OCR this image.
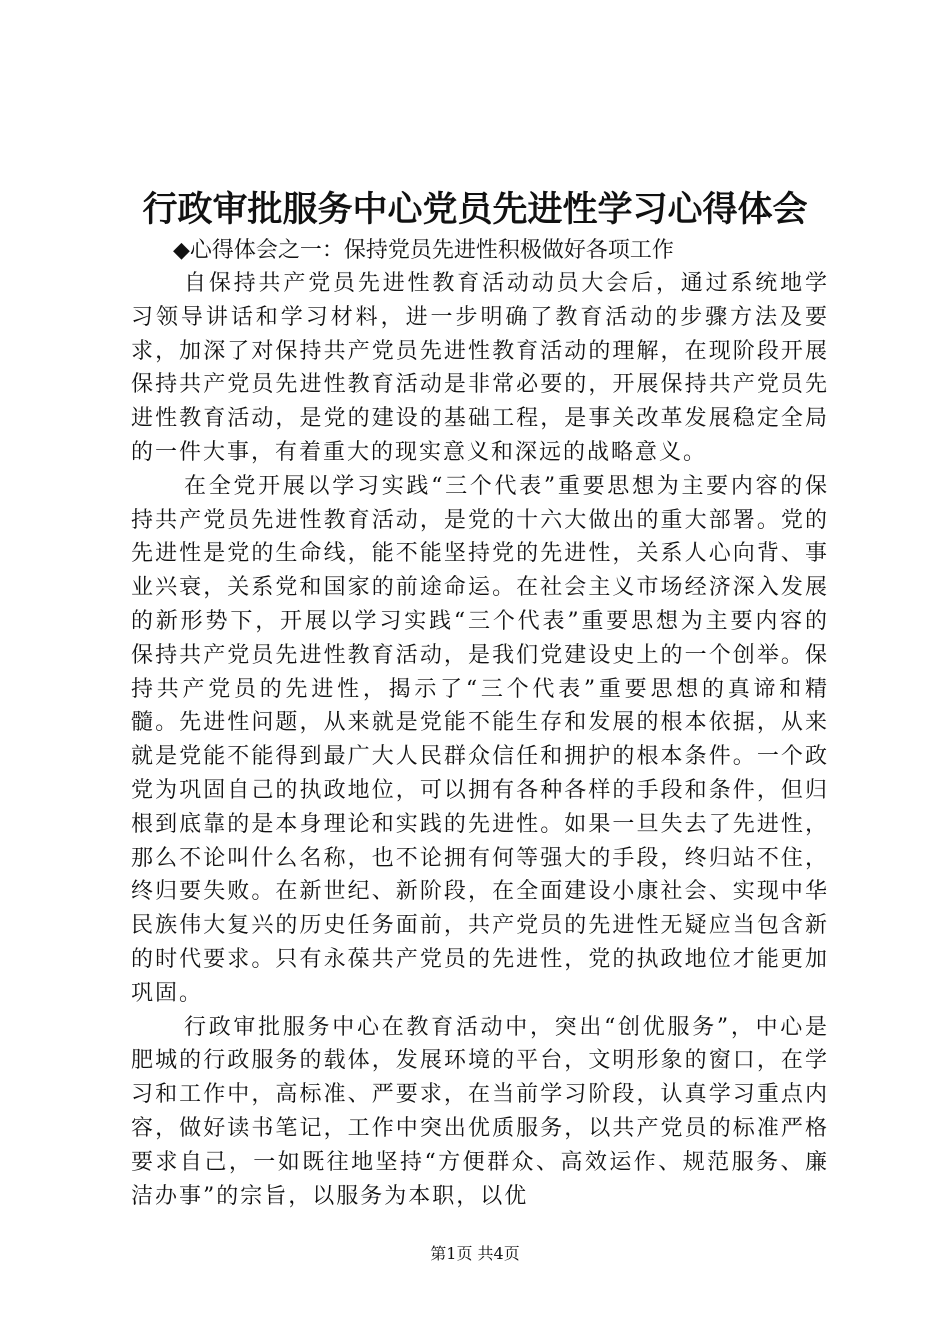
行政审批服务中心党员先进性学习心得体会

◆心得体会之一：保持党员先进性积极做好各项工作

自保持共产党员先进性教育活动动员大会后，通过系统地学习领导讲话和学习材料，进一步明确了教育活动的步骤方法及要求，加深了对保持共产党员先进性教育活动的理解，在现阶段开展保持共产党员先进性教育活动是非常必要的，开展保持共产党员先进性教育活动，是党的建设的基础工程，是事关改革发展稳定全局的一件大事，有着重大的现实意义和深远的战略意义。

在全党开展以学习实践“三个代表”重要思想为主要内容的保持共产党员先进性教育活动，是党的十六大做出的重大部署。党的先进性是党的生命线，能不能坚持党的先进性，关系人心向背、事业兴衰，关系党和国家的前途命运。在社会主义市场经济深入发展的新形势下，开展以学习实践“三个代表”重要思想为主要内容的保持共产党员先进性教育活动，是我们党建设史上的一个创举。保持共产党员的先进性，揭示了“三个代表”重要思想的真谛和精髓。先进性问题，从来就是党能不能生存和发展的根本依据，从来就是党能不能得到最广大人民群众信任和拥护的根本条件。一个政党为巩固自己的执政地位，可以拥有各种各样的手段和条件，但归根到底靠的是本身理论和实践的先进性。如果一旦失去了先进性，那么不论叫什么名称，也不论拥有何等强大的手段，终归站不住，终归要失败。在新世纪、新阶段，在全面建设小康社会、实现中华民族伟大复兴的历史任务面前，共产党员的先进性无疑应当包含新的时代要求。只有永葆共产党员的先进性，党的执政地位才能更加巩固。

行政审批服务中心在教育活动中，突出“创优服务”，中心是肥城的行政服务的载体，发展环境的平台，文明形象的窗口，在学习和工作中，高标准、严要求，在当前学习阶段，认真学习重点内容，做好读书笔记，工作中突出优质服务，以共产党员的标准严格要求自己，一如既往地坚持“方便群众、高效运作、规范服务、廉洁办事”的宗旨，以服务为本职，以优

第1页 共4页
